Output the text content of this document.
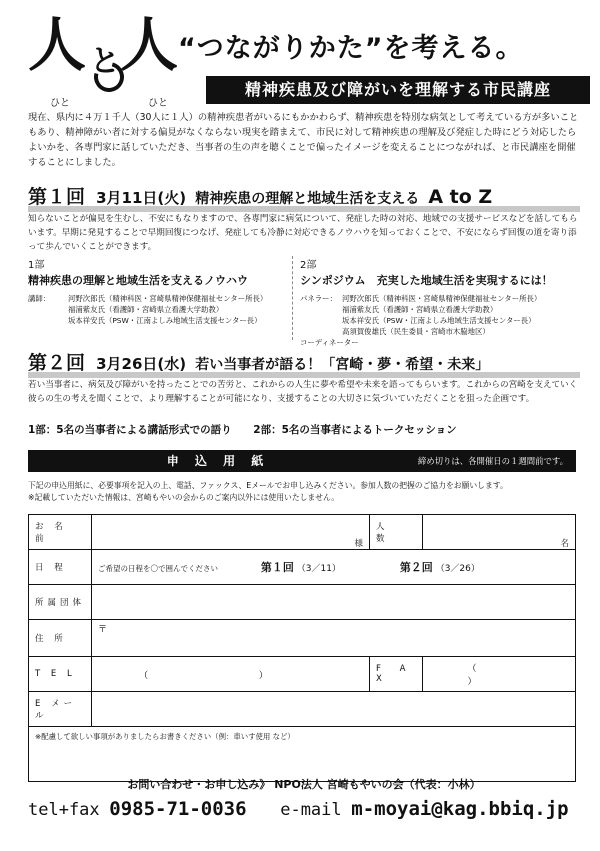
人 と 人
ひと	ひと
“つながりかた”を考える。
精神疾患及び障がいを理解する市民講座
現在、県内に４万１千人（30人に１人）の精神疾患者がいるにもかかわらず、精神疾患を特別な病気として考えている方が多いこともあり、精神障がい者に対する偏見がなくならない現実を踏まえて、市民に対して精神疾患の理解及び発症した時にどう対応したらよいかを、各専門家に話していただき、当事者の生の声を聴くことで偏ったイメージを変えることにつながれば、と市民講座を開催することにしました。
第１回 3月11日(火) 精神疾患の理解と地域生活を支える A to Z
知らないことが偏見を生むし、不安にもなりますので、各専門家に病気について、発症した時の対応、地域での支援サービスなどを話してもらいます。早期に発見することで早期回復につなげ、発症しても冷静に対応できるノウハウを知っておくことで、不安にならず回復の道を寄り添って歩んでいくことができます。
1部
精神疾患の理解と地域生活を支えるノウハウ
講師：	河野次郎氏（精神科医・宮崎県精神保健福祉センター所長）
福浦紫友氏（看護師・宮崎県立看護大学助教）
坂本祥安氏（PSW・江南よしみ地域生活支援センター長）
2部
シンポジウム　充実した地域生活を実現するには！
パネラー： 河野次郎氏（精神科医・宮崎県精神保健福祉センター所長）
福浦紫友氏（看護師・宮崎県立看護大学助教）
坂本祥安氏（PSW・江南よしみ地域生活支援センター長）
高須賀俊雄氏（民生委員・宮崎市木脇地区）
コーディネーター
第２回 3月26日(水) 若い当事者が語る！「宮崎・夢・希望・未来」
若い当事者に、病気及び障がいを持ったことでの苦労と、これからの人生に夢や希望や未来を語ってもらいます。これからの宮崎を支えていく彼らの生の考えを聞くことで、より理解することが可能になり、支援することの大切さに気づいていただくことを狙った企画です。
1部：5名の当事者による講話形式での語り 2部：5名の当事者によるトークセッション
申 込 用 紙	締め切りは、各開催日の１週間前です。
下記の申込用紙に、必要事項を記入の上、電話、ファックス、Eメールでお申し込みください。参加人数の把握のご協力をお願いします。
※記載していただいた情報は、宮崎もやいの会からのご案内以外には使用いたしません。
お 名 前	様	人 数	名
日 程	ご希望の日程を〇で囲んでください 第１回 （3／11） 第２回 （3／26）		
所属団体			
住 所	〒		
T E L	（ ）	F A X	（ ）
E メール			
※配慮して欲しい事項がありましたらお書きください（例：車いす使用 など）			
お問い合わせ・お申し込み》 NPO法人 宮崎もやいの会（代表：小林）
tel+fax 0985-71-0036 e-mail m-moyai@kag.bbiq.jp
